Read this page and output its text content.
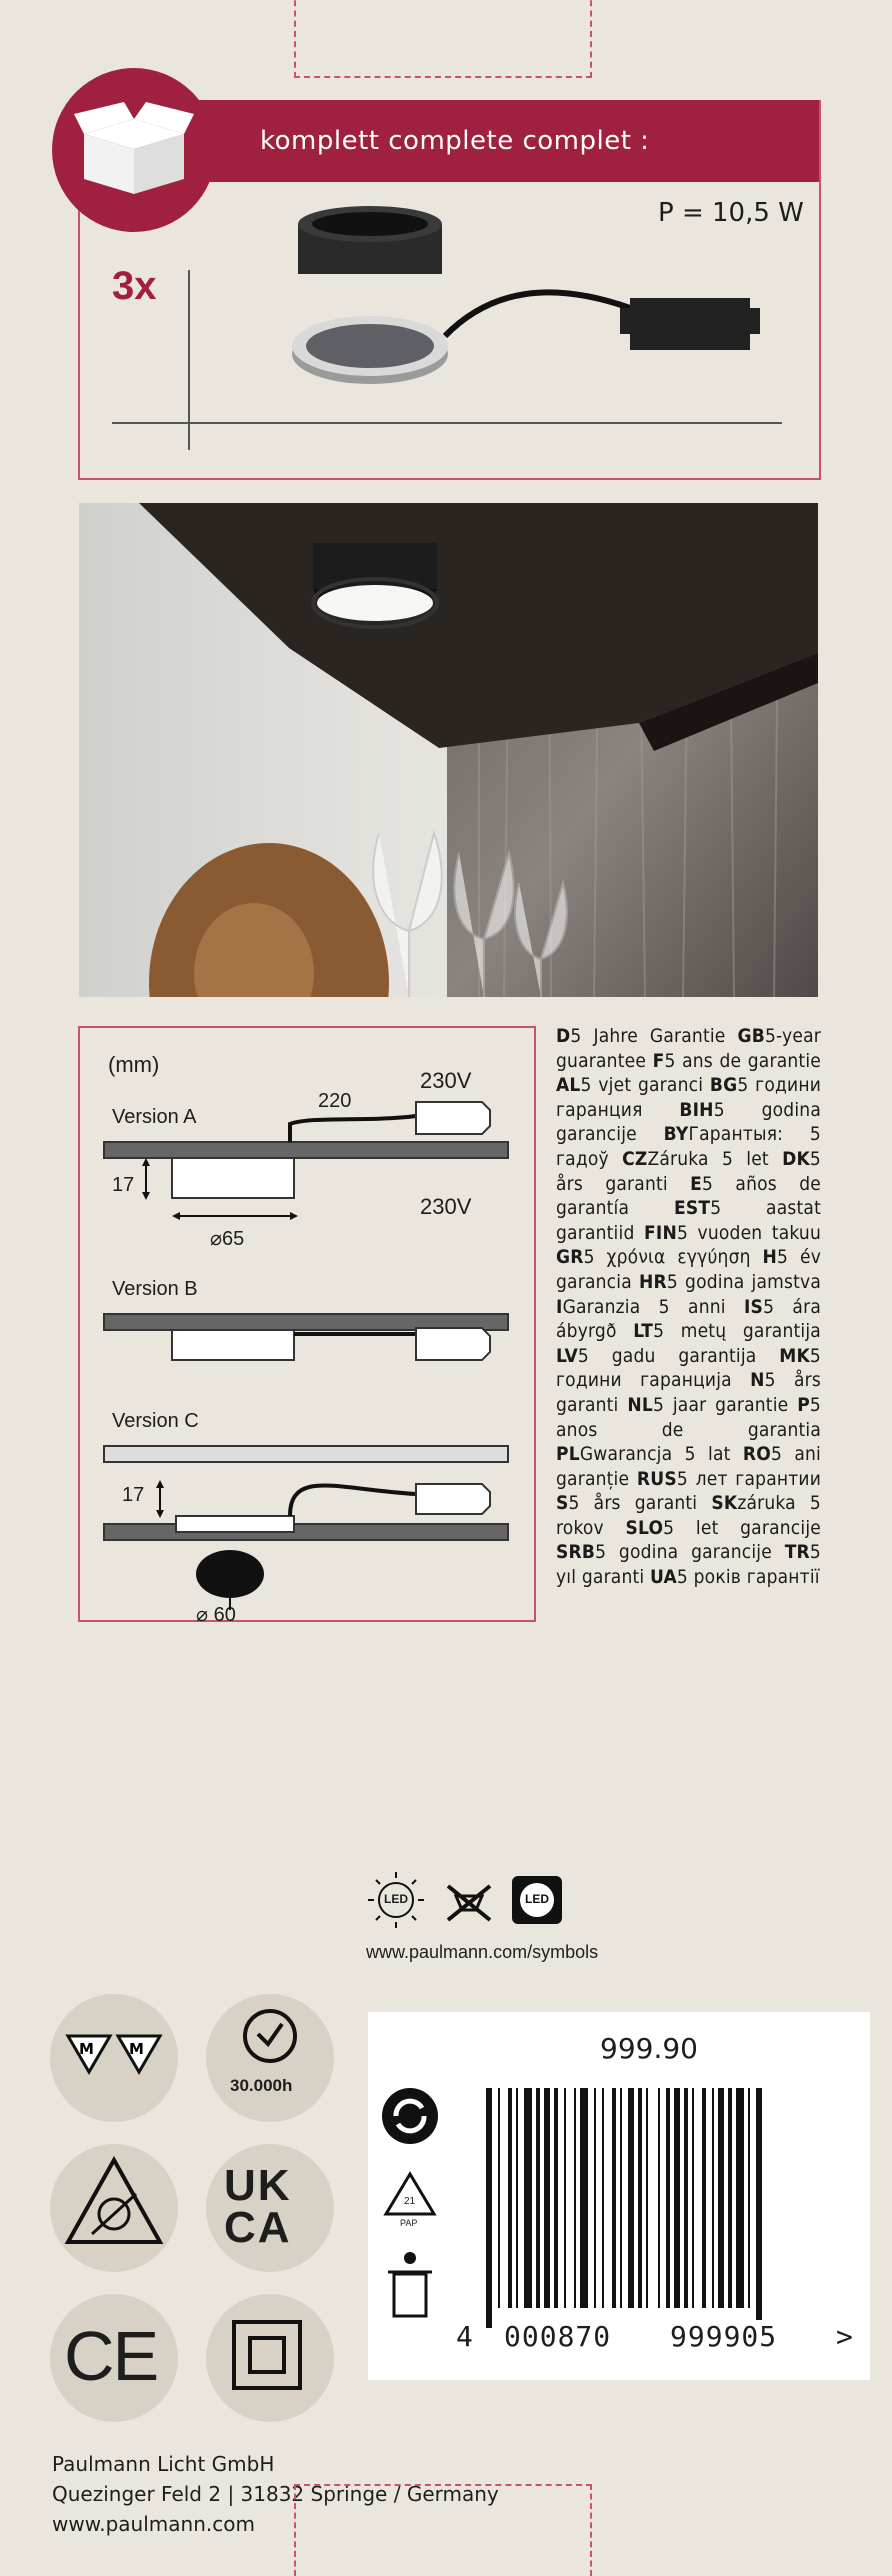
komplett complete complet :
P = 10,5 W
3x
(mm)
Version A
220
230V
17
230V
⌀65
Version B
Version C
17
⌀ 60
D5 Jahre Garantie GB5-year guarantee F5 ans de garantie AL5 vjet garanci BG5 години гаранция BIH5 godina garancije BYГарантыя: 5 гадоў CZZáruka 5 let DK5 års garanti E5 años de garantía EST5 aastat garantiid FIN5 vuoden takuu GR5 χρόνια εγγύηση H5 év garancia HR5 godina jamstva IGaranzia 5 anni IS5 ára ábyrgð LT5 metų garantija LV5 gadu garantija MK5 години гаранција N5 års garanti NL5 jaar garantie P5 anos de garantia PLGwarancja 5 lat RO5 ani garanție RUS5 лет гарантии S5 års garanti SKzáruka 5 rokov SLO5 let garancije SRB5 godina garancije TR5 yıl garanti UA5 років гарантії
LED	LED
www.paulmann.com/symbols
M M
30.000h
UK
CA
CE
999.90
21
PAP
4 000870 999905 >
Paulmann Licht GmbH
Quezinger Feld 2 | 31832 Springe / Germany
www.paulmann.com
